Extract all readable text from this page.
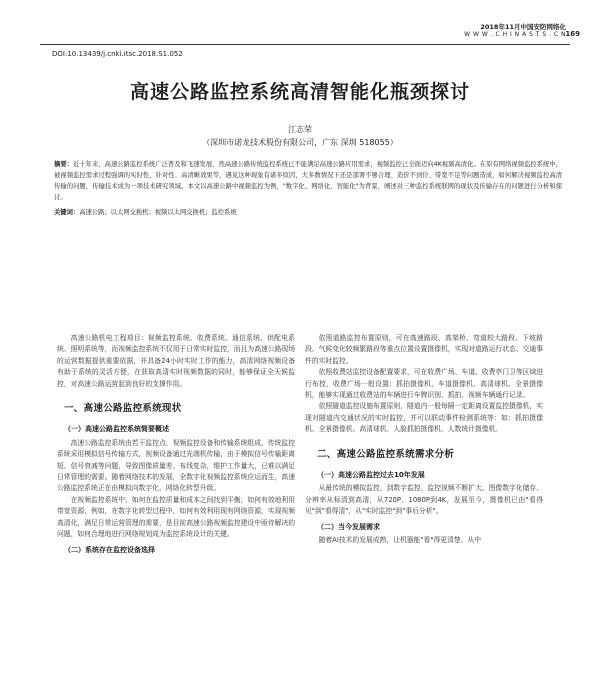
2018年11月中国安防网络化
W W W . C H I N A S T S . C N 169
DOI:10.13439/j.cnki.itsc.2018.S1.052
高速公路监控系统高清智能化瓶颈探讨
江志荣
（深圳市诺龙技术股份有限公司，广东 深圳 518055）
摘要：近十年来，高速公路监控系统广泛普及和飞速发展，然高速公路传统监控系统已不能满足高速公路应用需求，视频监控已全面迈向4K视频高清化。在原有网络视频监控系统中，被视频监控需求过程强调的实时性、针对性、高清晰效果等，遇见这种现象有诸多原因，大多数情况下还是部署不够合理、造价不到位、带宽不足等问题造成，如何解决视频监控高清传输的问题，传输技术成为一项技术研究领域。本文以高速公路中视频监控为例，"数字化、网络化、智能化"为背景，阐述对三种监控系统联网的现状及传输存在的问题进行分析和探讨。
关键词：高速公路；以太网交换机；视频以太网交换机；监控系统

高速公路机电工程项目：视频监控系统、收费系统、通信系统、供配电系统、照明系统等，而视频监控系统不仅用于日常实时监控，而且为高速公路现场的运营数据提供重要依据，并具备24小时实时工作的能力，高清网络视频设备有助于系统的灵活方便，在获取高清实时视频数据的同时，能够保证全天候监控，对高速公路运营起到良好的支撑作用。

一、高速公路监控系统现状
（一）高速公路监控系统简要概述

高速公路监控系统由若干监控点、视频监控设备和传输系统组成，传统监控系统采用模拟信号传输方式，视频设备通过光端机传输，由于模拟信号传输距离短、信号衰减等问题，导致图像质量差、布线复杂，维护工作量大，已难以满足日常管理的需要。随着网络技术的发展，全数字化视频监控系统应运而生，高速公路监控系统正在由模拟向数字化、网络化转型升级。

在视频监控系统中，如何在监控质量和成本之间找到平衡，如何有效地利用带宽资源，例如，在数字化转型过程中，如何有效利用现有网络资源，实现视频高清化，满足日常运营管理的需要，是目前高速公路视频监控建设中亟待解决的问题，如何合理地进行网络规划成为监控系统设计的关键。

（二）系统存在监控设备选择

依照道路监控布置原则，可在高速路段、高架桥、弯道较大路段、下坡路段、气候变化较频繁路段等重点位置设置摄像机，实现对道路运行状态、交通事件的实时监控。

依照收费站监控设备配置要求，可在收费广场、车道、收费亭门卫等区域进行布控，收费广场一般设置：抓拍摄像机、车道摄像机、高清球机、全景摄像机，能够实现通过收费站的车辆进行车牌识别、抓拍、视频车辆通行记录。

依照隧道监控设施布置原则，隧道内一般每隔一定距离设置监控摄像机，实现对隧道内交通状况的实时监控，并可以联动事件检测系统等：如：抓拍摄像机、全景摄像机、高清球机、人脸抓拍摄像机、人数统计摄像机。

二、高速公路监控系统需求分析
（一）高速公路监控过去10年发展

从最传统的模拟监控，到数字监控、监控视频不断扩大、图像数字化储存、分辨率从标清到高清，从720P、1080P到4K，发展至今，摄像机已由"看得见"到"看得清"，从"实时监控"到"事后分析"。

（二）当今发展需求

随着AI技术的发展成熟，让机器能"看"得更清楚、从中
